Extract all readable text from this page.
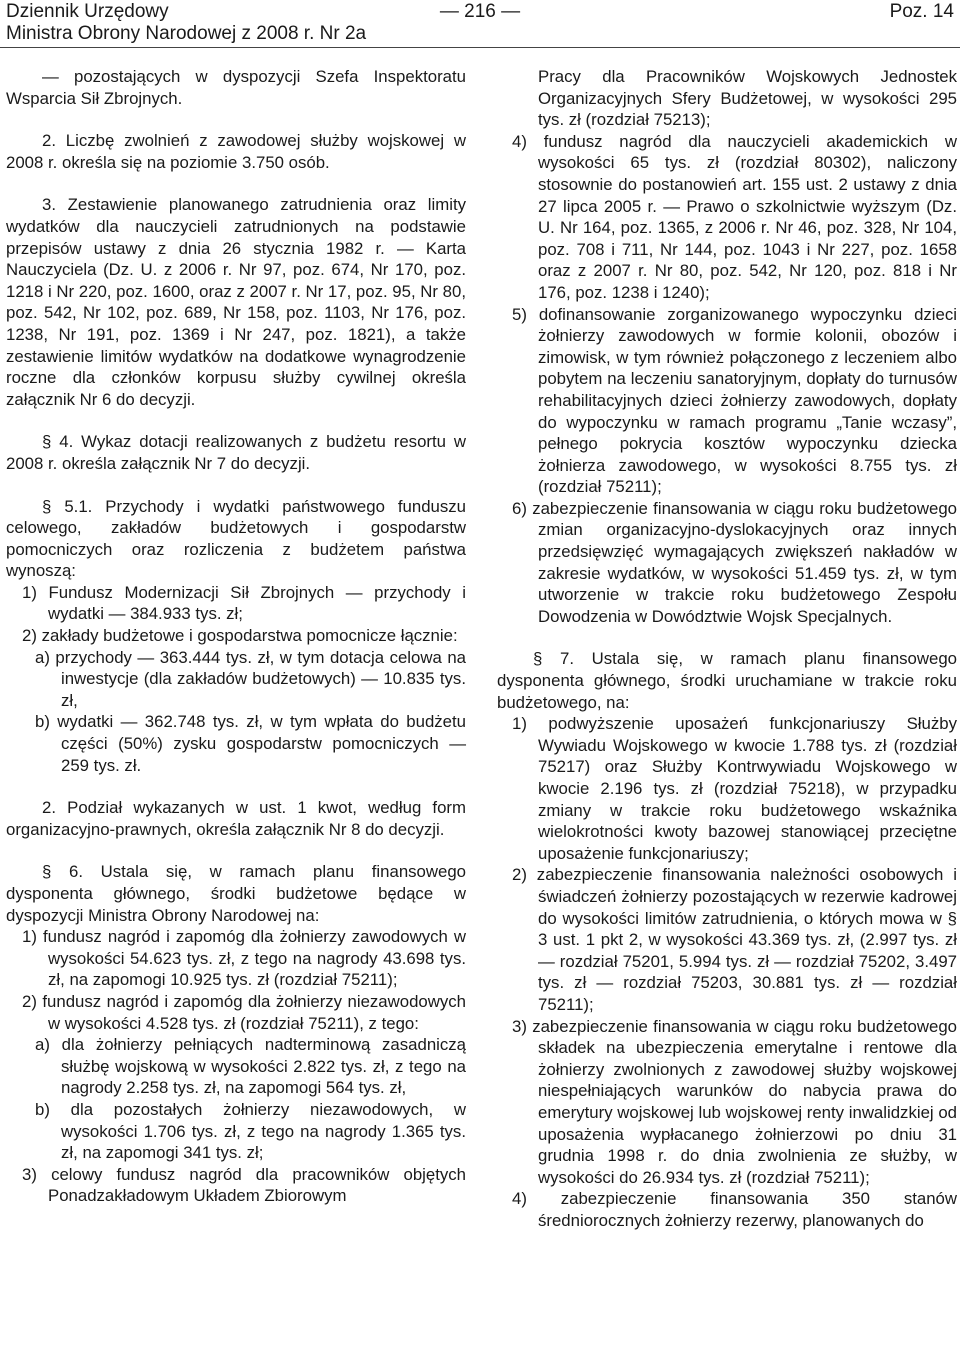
Dziennik Urzędowy
Ministra Obrony Narodowej z 2008 r. Nr 2a
— 216 —	Poz. 14

— pozostających w dyspozycji Szefa Inspektoratu Wsparcia Sił Zbrojnych.

2. Liczbę zwolnień z zawodowej służby wojskowej w 2008 r. określa się na poziomie 3.750 osób.

3. Zestawienie planowanego zatrudnienia oraz limity wydatków dla nauczycieli zatrudnionych na podstawie przepisów ustawy z dnia 26 stycznia 1982 r. — Karta Nauczyciela (Dz. U. z 2006 r. Nr 97, poz. 674, Nr 170, poz. 1218 i Nr 220, poz. 1600, oraz z 2007 r. Nr 17, poz. 95, Nr 80, poz. 542, Nr 102, poz. 689, Nr 158, poz. 1103, Nr 176, poz. 1238, Nr 191, poz. 1369 i Nr 247, poz. 1821), a także zestawienie limitów wydatków na dodatkowe wynagrodzenie roczne dla członków korpusu służby cywilnej określa załącznik Nr 6 do decyzji.

§ 4. Wykaz dotacji realizowanych z budżetu resortu w 2008 r. określa załącznik Nr 7 do decyzji.

§ 5.1. Przychody i wydatki państwowego funduszu celowego, zakładów budżetowych i gospodarstw pomocniczych oraz rozliczenia z budżetem państwa wynoszą:

1) Fundusz Modernizacji Sił Zbrojnych — przychody i wydatki — 384.933 tys. zł;

2) zakłady budżetowe i gospodarstwa pomocnicze łącznie:

a) przychody — 363.444 tys. zł, w tym dotacja celowa na inwestycje (dla zakładów budżetowych) — 10.835 tys. zł,

b) wydatki — 362.748 tys. zł, w tym wpłata do budżetu części (50%) zysku gospodarstw pomocniczych — 259 tys. zł.

2. Podział wykazanych w ust. 1 kwot, według form organizacyjno-prawnych, określa załącznik Nr 8 do decyzji.

§ 6. Ustala się, w ramach planu finansowego dysponenta głównego, środki budżetowe będące w dyspozycji Ministra Obrony Narodowej na:

1) fundusz nagród i zapomóg dla żołnierzy zawodowych w wysokości 54.623 tys. zł, z tego na nagrody 43.698 tys. zł, na zapomogi 10.925 tys. zł (rozdział 75211);

2) fundusz nagród i zapomóg dla żołnierzy niezawodowych w wysokości 4.528 tys. zł (rozdział 75211), z tego:

a) dla żołnierzy pełniących nadterminową zasadniczą służbę wojskową w wysokości 2.822 tys. zł, z tego na nagrody 2.258 tys. zł, na zapomogi 564 tys. zł,

b) dla pozostałych żołnierzy niezawodowych, w wysokości 1.706 tys. zł, z tego na nagrody 1.365 tys. zł, na zapomogi 341 tys. zł;

3) celowy fundusz nagród dla pracowników objętych Ponadzakładowym Układem Zbiorowym

Pracy dla Pracowników Wojskowych Jednostek Organizacyjnych Sfery Budżetowej, w wysokości 295 tys. zł (rozdział 75213);

4) fundusz nagród dla nauczycieli akademickich w wysokości 65 tys. zł (rozdział 80302), naliczony stosownie do postanowień art. 155 ust. 2 ustawy z dnia 27 lipca 2005 r. — Prawo o szkolnictwie wyższym (Dz. U. Nr 164, poz. 1365, z 2006 r. Nr 46, poz. 328, Nr 104, poz. 708 i 711, Nr 144, poz. 1043 i Nr 227, poz. 1658 oraz z 2007 r. Nr 80, poz. 542, Nr 120, poz. 818 i Nr 176, poz. 1238 i 1240);

5) dofinansowanie zorganizowanego wypoczynku dzieci żołnierzy zawodowych w formie kolonii, obozów i zimowisk, w tym również połączonego z leczeniem albo pobytem na leczeniu sanatoryjnym, dopłaty do turnusów rehabilitacyjnych dzieci żołnierzy zawodowych, dopłaty do wypoczynku w ramach programu „Tanie wczasy”, pełnego pokrycia kosztów wypoczynku dziecka żołnierza zawodowego, w wysokości 8.755 tys. zł (rozdział 75211);

6) zabezpieczenie finansowania w ciągu roku budżetowego zmian organizacyjno-dyslokacyjnych oraz innych przedsięwzięć wymagających zwiększeń nakładów w zakresie wydatków, w wysokości 51.459 tys. zł, w tym utworzenie w trakcie roku budżetowego Zespołu Dowodzenia w Dowództwie Wojsk Specjalnych.

§ 7. Ustala się, w ramach planu finansowego dysponenta głównego, środki uruchamiane w trakcie roku budżetowego, na:

1) podwyższenie uposażeń funkcjonariuszy Służby Wywiadu Wojskowego w kwocie 1.788 tys. zł (rozdział 75217) oraz Służby Kontrwywiadu Wojskowego w kwocie 2.196 tys. zł (rozdział 75218), w przypadku zmiany w trakcie roku budżetowego wskaźnika wielokrotności kwoty bazowej stanowiącej przeciętne uposażenie funkcjonariuszy;

2) zabezpieczenie finansowania należności osobowych i świadczeń żołnierzy pozostających w rezerwie kadrowej do wysokości limitów zatrudnienia, o których mowa w § 3 ust. 1 pkt 2, w wysokości 43.369 tys. zł, (2.997 tys. zł — rozdział 75201, 5.994 tys. zł — rozdział 75202, 3.497 tys. zł — rozdział 75203, 30.881 tys. zł — rozdział 75211);

3) zabezpieczenie finansowania w ciągu roku budżetowego składek na ubezpieczenia emerytalne i rentowe dla żołnierzy zwolnionych z zawodowej służby wojskowej niespełniających warunków do nabycia prawa do emerytury wojskowej lub wojskowej renty inwalidzkiej od uposażenia wypłacanego żołnierzowi po dniu 31 grudnia 1998 r. do dnia zwolnienia ze służby, w wysokości do 26.934 tys. zł (rozdział 75211);

4) zabezpieczenie finansowania 350 stanów średniorocznych żołnierzy rezerwy, planowanych do
